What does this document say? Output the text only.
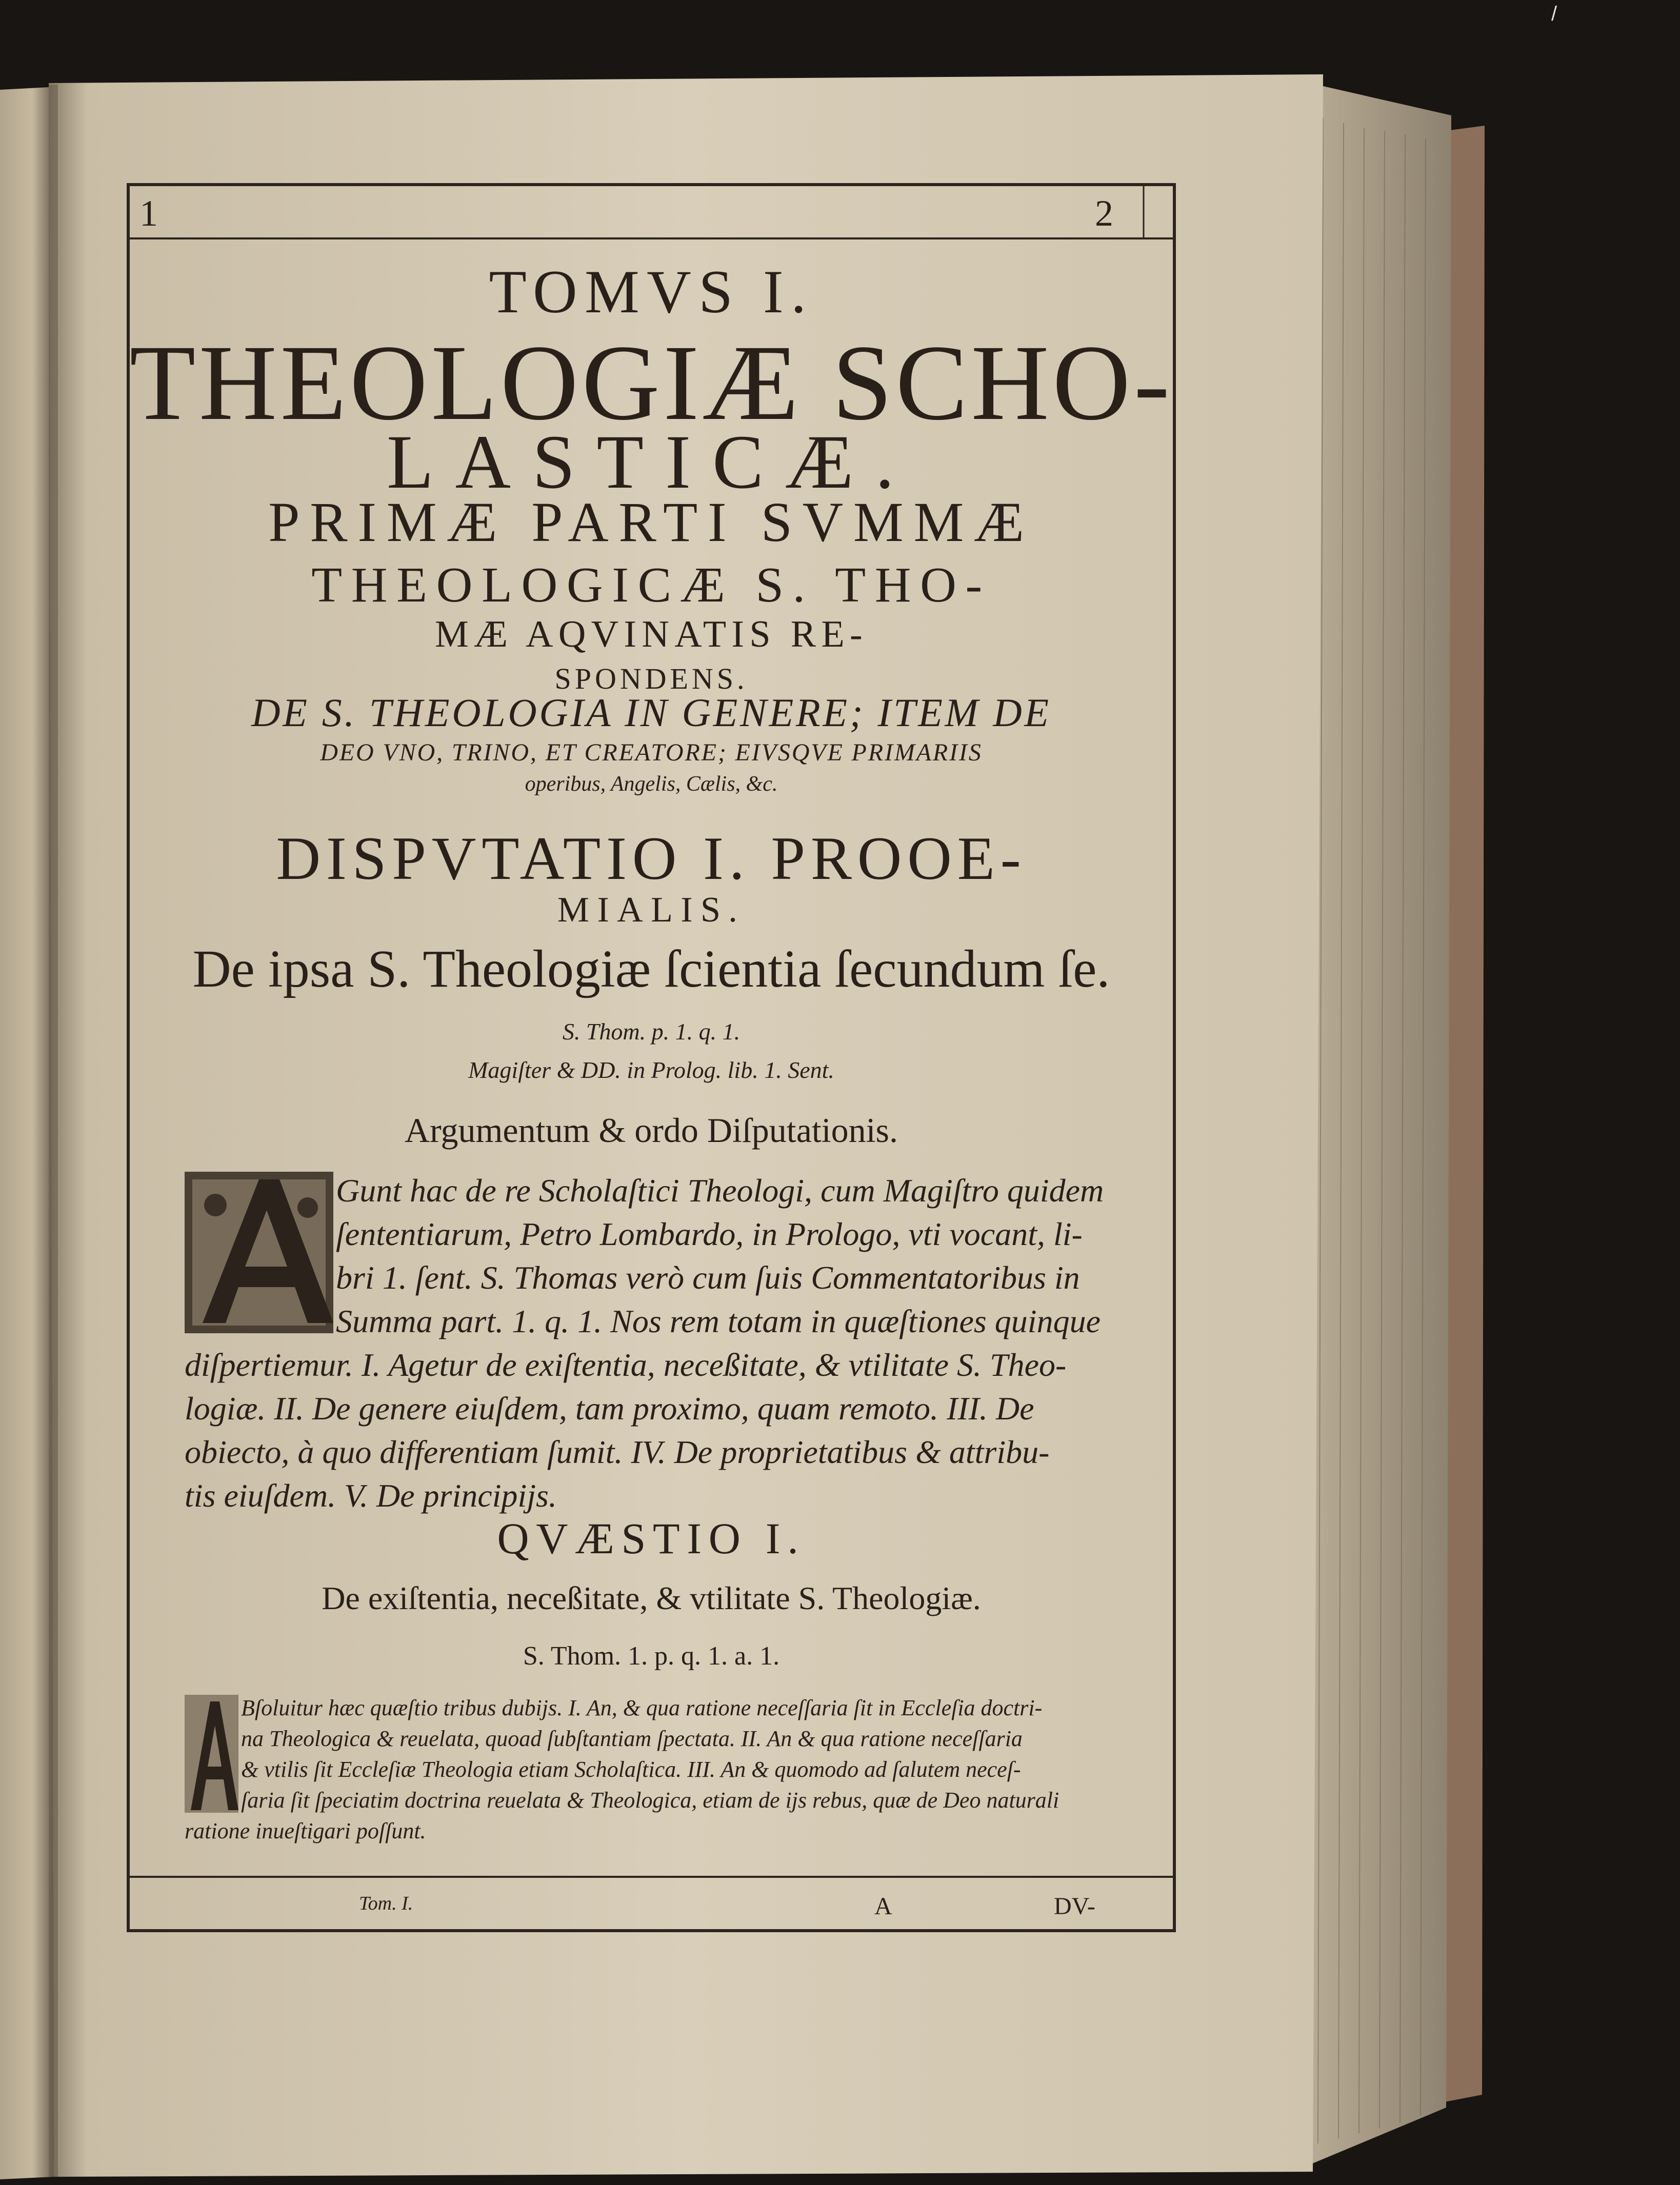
/
1	2
TOMVS I.
THEOLOGIÆ SCHO-
LASTICÆ.
PRIMÆ PARTI SVMMÆ
THEOLOGICÆ S. THO-
MÆ AQVINATIS RE-
SPONDENS.
DE S. THEOLOGIA IN GENERE; ITEM DE
DEO VNO, TRINO, ET CREATORE; EIVSQVE PRIMARIIS
operibus, Angelis, Cælis, &c.
DISPVTATIO I. PROOE-
MIALIS.
De ipsa S. Theologiæ ſcientia ſecundum ſe.
S. Thom. p. 1. q. 1.
Magiſter & DD. in Prolog. lib. 1. Sent.
Argumentum & ordo Diſputationis.
Gunt hac de re Scholaſtici Theologi, cum Magiſtro quidem
ſententiarum, Petro Lombardo, in Prologo, vti vocant, li-
bri 1. ſent. S. Thomas verò cum ſuis Commentatoribus in
Summa part. 1. q. 1. Nos rem totam in quæſtiones quinque
diſpertiemur. I. Agetur de exiſtentia, neceßitate, & vtilitate S. Theo-
logiæ. II. De genere eiuſdem, tam proximo, quam remoto. III. De
obiecto, à quo differentiam ſumit. IV. De proprietatibus & attribu-
tis eiuſdem. V. De principijs.
QVÆSTIO I.
De exiſtentia, neceßitate, & vtilitate S. Theologiæ.
S. Thom. 1. p. q. 1. a. 1.
Bſoluitur hæc quæſtio tribus dubijs. I. An, & qua ratione neceſſaria ſit in Eccleſia doctri-
na Theologica & reuelata, quoad ſubſtantiam ſpectata. II. An & qua ratione neceſſaria
& vtilis ſit Eccleſiæ Theologia etiam Scholaſtica. III. An & quomodo ad ſalutem neceſ-
ſaria ſit ſpeciatim doctrina reuelata & Theologica, etiam de ijs rebus, quæ de Deo naturali
ratione inueſtigari poſſunt.
Tom. I.	A	DV-
